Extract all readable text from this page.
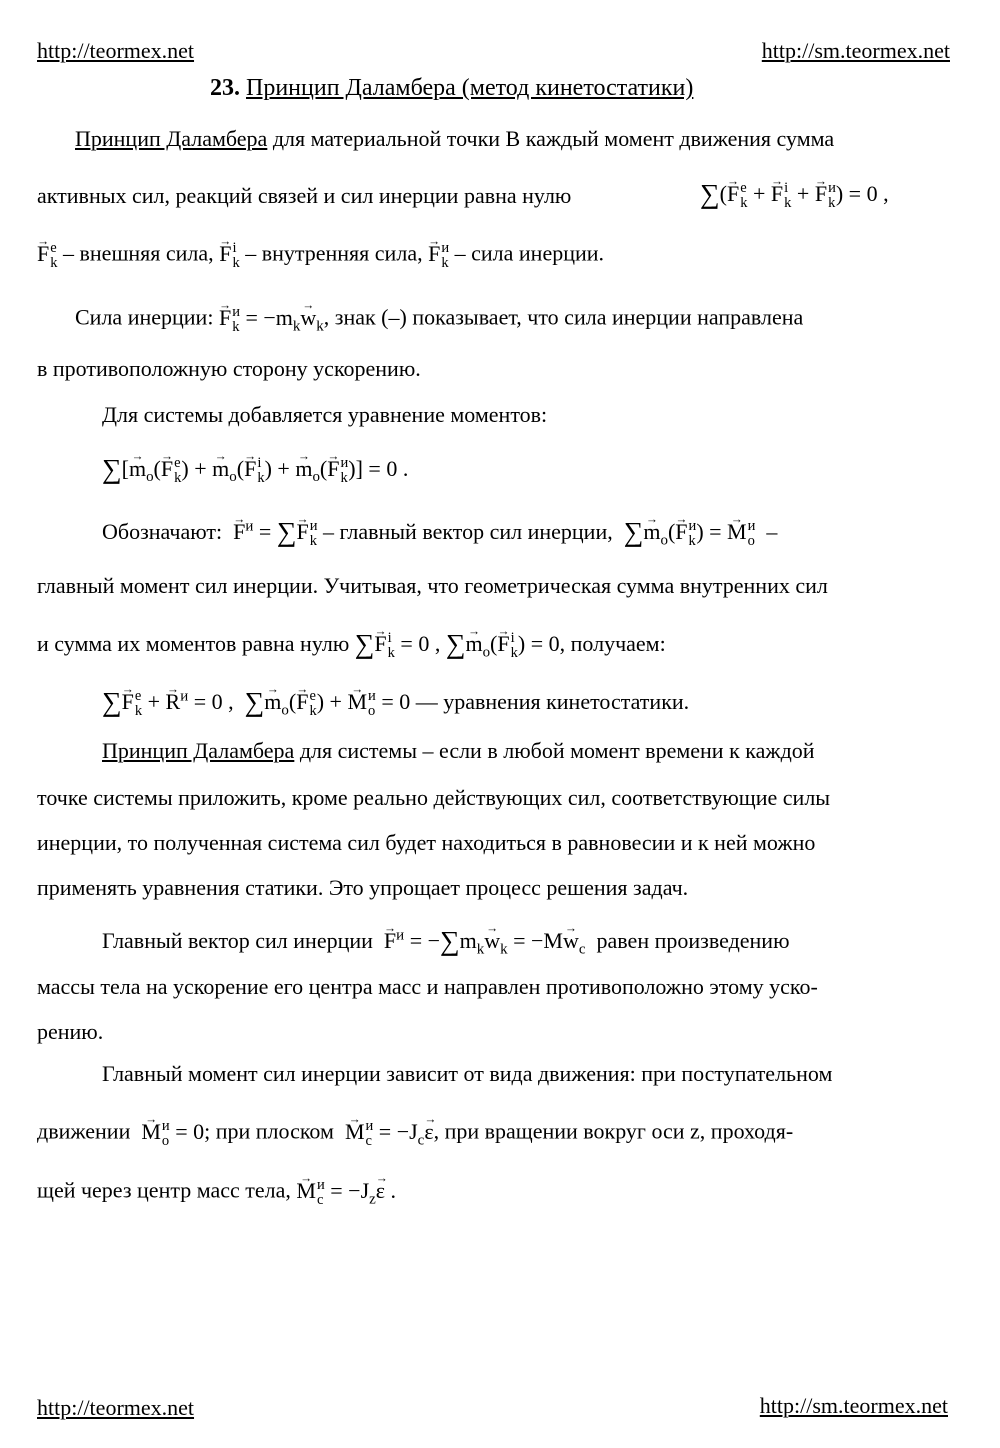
http://teormex.net	http://sm.teormex.net
23. Принцип Даламбера (метод кинетостатики)
Принцип Даламбера для материальной точки В каждый момент движения сумма
активных сил, реакций связей и сил инерции равна нулю	∑(→ F e
k + → F i
k + → F и
k ) = 0 ,
→ F e
k – внешняя сила, → F i
k – внутренняя сила, → F и
k – сила инерции.
Сила инерции: → F и
$k = -m_k\to w_k$, знак (–) показывает, что сила инерции направлена
в противоположную сторону ускорению.
Для системы добавляется уравнение моментов:
∑[→ $m_o(\to F$ e
k ) + → $m_o(\to F$ i
k ) + → $m_o(\to F$ и
k )] = 0 .
Обозначают: → $F^и$ = ∑→ F и
k – главный вектор сил инерции, ∑→ $m_o(\to F$ и
k ) = → M и
o –
главный момент сил инерции. Учитывая, что геометрическая сумма внутренних сил
и сумма их моментов равна нулю ∑→ F i
k = 0 , ∑→ $m_o(\to F$ i
k ) = 0, получаем:
∑→ F e
k + → $R^и = 0$ ,  ∑→ $m_o(\to F$ e
k ) + → M и
o = 0 — уравнения кинетостатики.
Принцип Даламбера для системы – если в любой момент времени к каждой
точке системы приложить, кроме реально действующих сил, соответствующие силы
инерции, то полученная система сил будет находиться в равновесии и к ней можно
применять уравнения статики. Это упрощает процесс решения задач.
Главный вектор сил инерции → $F^и = -\sum m_k\to w_k = -M\to w_c$ равен произведению
массы тела на ускорение его центра масс и направлен противоположно этому уско-
рению.
Главный момент сил инерции зависит от вида движения: при поступательном
движении → M и
o = 0; при плоском → M и
$c = -J_c\to \varepsilon$, при вращении вокруг оси z, проходя-
щей через центр масс тела, → M и
$c = -J_z\to \varepsilon$ .
http://teormex.net	http://sm.teormex.net
